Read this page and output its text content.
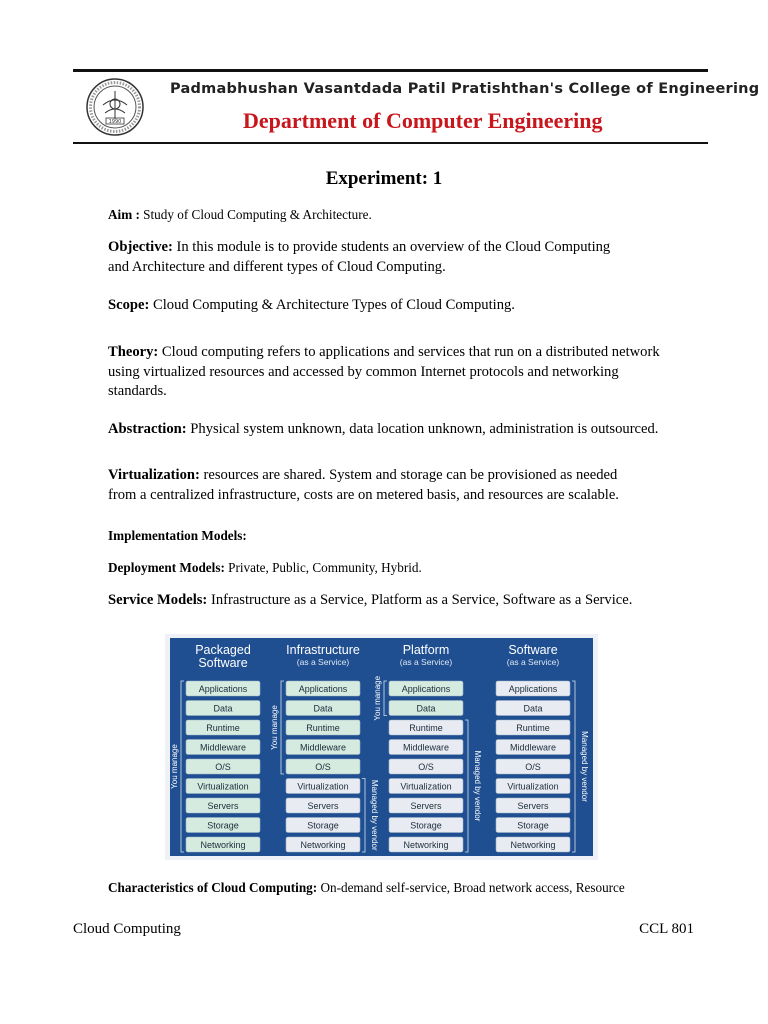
1990
Padmabhushan Vasantdada Patil Pratishthan's College of Engineering
Department of Computer Engineering
Experiment: 1

Aim : Study of Cloud Computing & Architecture.

Objective: In this module is to provide students an overview of the Cloud Computing
and Architecture and different types of Cloud Computing.

Scope: Cloud Computing & Architecture Types of Cloud Computing.

Theory: Cloud computing refers to applications and services that run on a distributed network
using virtualized resources and accessed by common Internet protocols and networking
standards.

Abstraction: Physical system unknown, data location unknown, administration is outsourced.

Virtualization: resources are shared. System and storage can be provisioned as needed
from a centralized infrastructure, costs are on metered basis, and resources are scalable.

Implementation Models:

Deployment Models: Private, Public, Community, Hybrid.

Service Models: Infrastructure as a Service, Platform as a Service, Software as a Service.

Packaged
Software
Applications
Data
Runtime
Middleware
O/S
Virtualization
Servers
Storage
Networking
You manage
Infrastructure
(as a Service)
Applications
Data
Runtime
Middleware
O/S
Virtualization
Servers
Storage
Networking
You manage
Managed by vendor
Platform
(as a Service)
Applications
Data
Runtime
Middleware
O/S
Virtualization
Servers
Storage
Networking
You manage
Managed by vendor
Software
(as a Service)
Applications
Data
Runtime
Middleware
O/S
Virtualization
Servers
Storage
Networking
Managed by vendor

Characteristics of Cloud Computing: On-demand self-service, Broad network access, Resource

Cloud Computing	CCL 801
